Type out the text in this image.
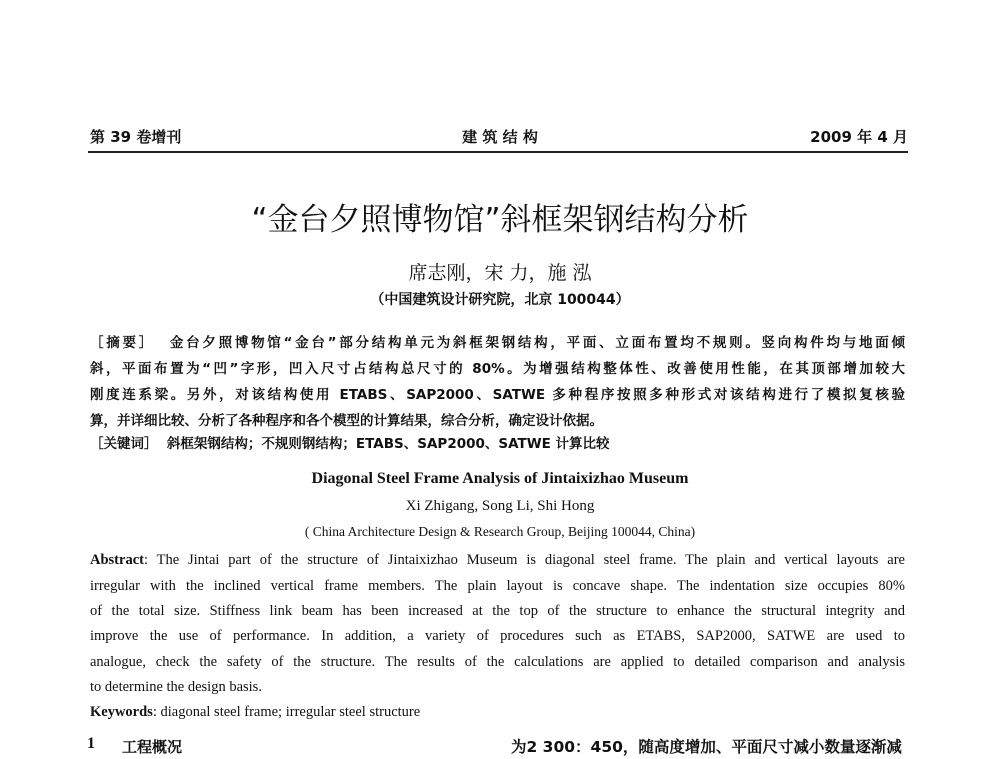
第 39 卷增刊	建 筑 结 构	2009 年 4 月
“金台夕照博物馆”斜框架钢结构分析
席志刚，宋 力，施 泓
（中国建筑设计研究院，北京 100044）
［摘要］ 金台夕照博物馆“金台”部分结构单元为斜框架钢结构，平面、立面布置均不规则。竖向构件均与地面倾
斜，平面布置为“凹”字形，凹入尺寸占结构总尺寸的 80%。为增强结构整体性、改善使用性能，在其顶部增加较大
刚度连系梁。另外，对该结构使用 ETABS、SAP2000、SATWE 多种程序按照多种形式对该结构进行了模拟复核验
算，并详细比较、分析了各种程序和各个模型的计算结果，综合分析，确定设计依据。
［关键词］ 斜框架钢结构；不规则钢结构；ETABS、SAP2000、SATWE 计算比较
Diagonal Steel Frame Analysis of Jintaixizhao Museum
Xi Zhigang, Song Li, Shi Hong
( China Architecture Design & Research Group, Beijing 100044, China)
Abstract: The Jintai part of the structure of Jintaixizhao Museum is diagonal steel frame. The plain and vertical layouts are
irregular with the inclined vertical frame members. The plain layout is concave shape. The indentation size occupies 80%
of the total size. Stiffness link beam has been increased at the top of the structure to enhance the structural integrity and
improve the use of performance. In addition, a variety of procedures such as ETABS, SAP2000, SATWE are used to
analogue, check the safety of the structure. The results of the calculations are applied to detailed comparison and analysis
to determine the design basis.
Keywords: diagonal steel frame; irregular steel structure
1 工程概况	为2 300：450，随高度增加、平面尺寸减小数量逐渐减
